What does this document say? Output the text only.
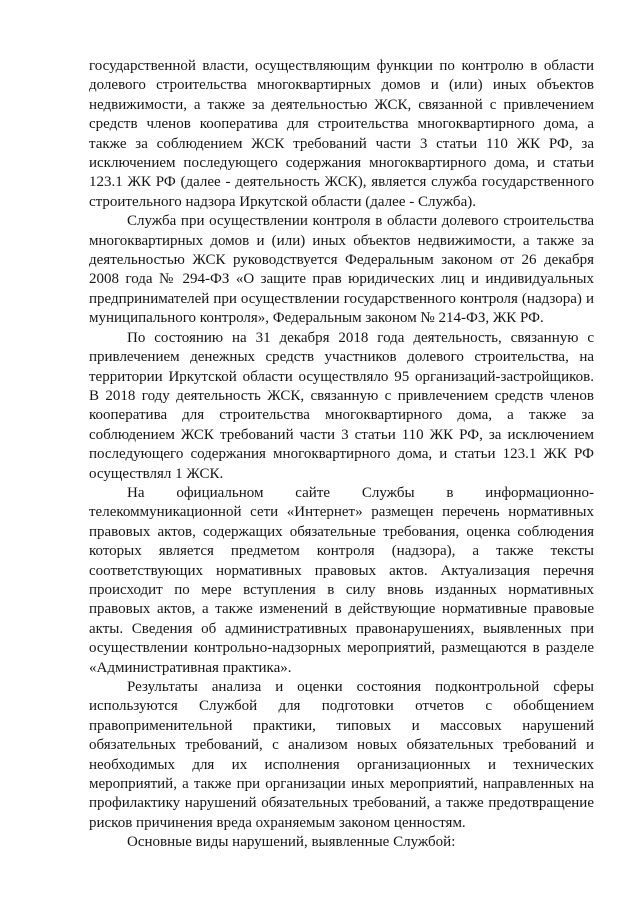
государственной власти, осуществляющим функции по контролю в области долевого строительства многоквартирных домов и (или) иных объектов недвижимости, а также за деятельностью ЖСК, связанной с привлечением средств членов кооператива для строительства многоквартирного дома, а также за соблюдением ЖСК требований части 3 статьи 110 ЖК РФ, за исключением последующего содержания многоквартирного дома, и статьи 123.1 ЖК РФ (далее - деятельность ЖСК), является служба государственного строительного надзора Иркутской области (далее - Служба).

Служба при осуществлении контроля в области долевого строительства многоквартирных домов и (или) иных объектов недвижимости, а также за деятельностью ЖСК руководствуется Федеральным законом от 26 декабря 2008 года № 294-ФЗ «О защите прав юридических лиц и индивидуальных предпринимателей при осуществлении государственного контроля (надзора) и муниципального контроля», Федеральным законом № 214-ФЗ, ЖК РФ.

По состоянию на 31 декабря 2018 года деятельность, связанную с привлечением денежных средств участников долевого строительства, на территории Иркутской области осуществляло 95 организаций-застройщиков. В 2018 году деятельность ЖСК, связанную с привлечением средств членов кооператива для строительства многоквартирного дома, а также за соблюдением ЖСК требований части 3 статьи 110 ЖК РФ, за исключением последующего содержания многоквартирного дома, и статьи 123.1 ЖК РФ осуществлял 1 ЖСК.

На официальном сайте Службы в информационно-телекоммуникационной сети «Интернет» размещен перечень нормативных правовых актов, содержащих обязательные требования, оценка соблюдения которых является предметом контроля (надзора), а также тексты соответствующих нормативных правовых актов. Актуализация перечня происходит по мере вступления в силу вновь изданных нормативных правовых актов, а также изменений в действующие нормативные правовые акты. Сведения об административных правонарушениях, выявленных при осуществлении контрольно-надзорных мероприятий, размещаются в разделе «Административная практика».

Результаты анализа и оценки состояния подконтрольной сферы используются Службой для подготовки отчетов с обобщением правоприменительной практики, типовых и массовых нарушений обязательных требований, с анализом новых обязательных требований и необходимых для их исполнения организационных и технических мероприятий, а также при организации иных мероприятий, направленных на профилактику нарушений обязательных требований, а также предотвращение рисков причинения вреда охраняемым законом ценностям.

Основные виды нарушений, выявленные Службой:
